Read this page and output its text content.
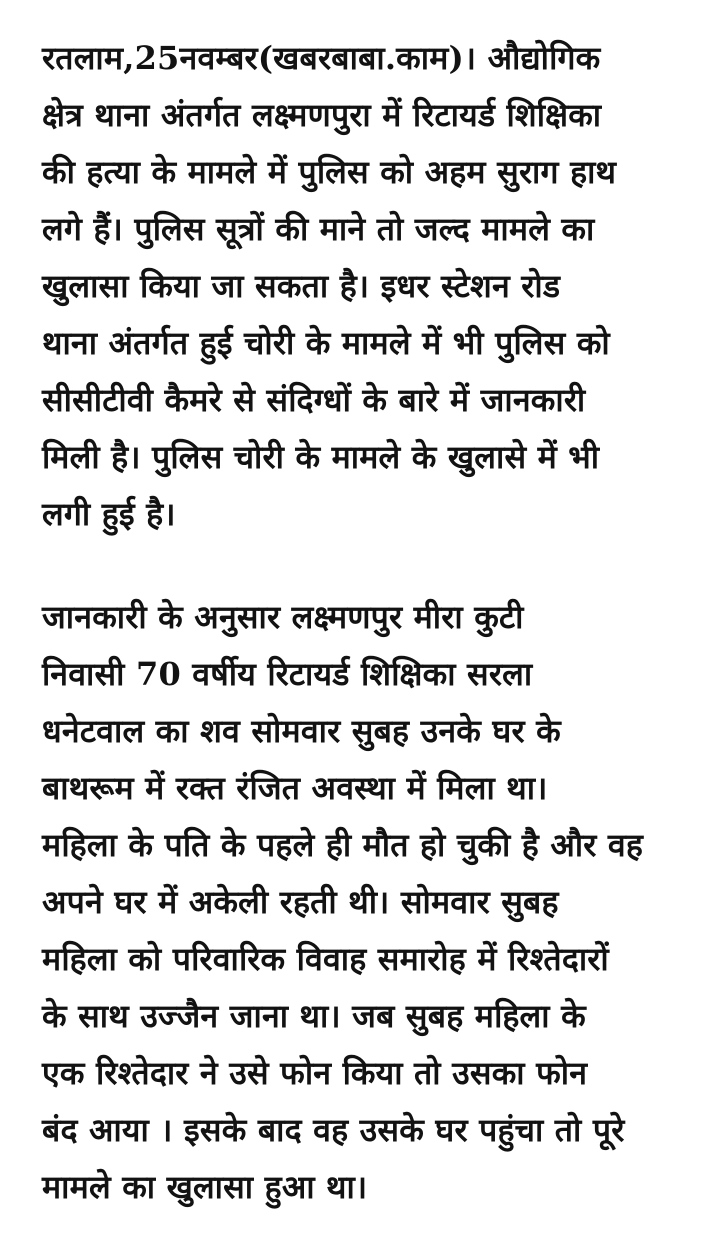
रतलाम,25नवम्बर(खबरबाबा.काम)। औद्योगिक
क्षेत्र थाना अंतर्गत लक्ष्मणपुरा में रिटायर्ड शिक्षिका
की हत्या के मामले में पुलिस को अहम सुराग हाथ
लगे हैं। पुलिस सूत्रों की माने तो जल्द मामले का
खुलासा किया जा सकता है। इधर स्टेशन रोड
थाना अंतर्गत हुई चोरी के मामले में भी पुलिस को
सीसीटीवी कैमरे से संदिग्धों के बारे में जानकारी
मिली है। पुलिस चोरी के मामले के खुलासे में भी
लगी हुई है।
जानकारी के अनुसार लक्ष्मणपुर मीरा कुटी
निवासी 70 वर्षीय रिटायर्ड शिक्षिका सरला
धनेटवाल का शव सोमवार सुबह उनके घर के
बाथरूम में रक्त रंजित अवस्था में मिला था।
महिला के पति के पहले ही मौत हो चुकी है और वह
अपने घर में अकेली रहती थी। सोमवार सुबह
महिला को परिवारिक विवाह समारोह में रिश्तेदारों
के साथ उज्जैन जाना था। जब सुबह महिला के
एक रिश्तेदार ने उसे फोन किया तो उसका फोन
बंद आया । इसके बाद वह उसके घर पहुंचा तो पूरे
मामले का खुलासा हुआ था।
